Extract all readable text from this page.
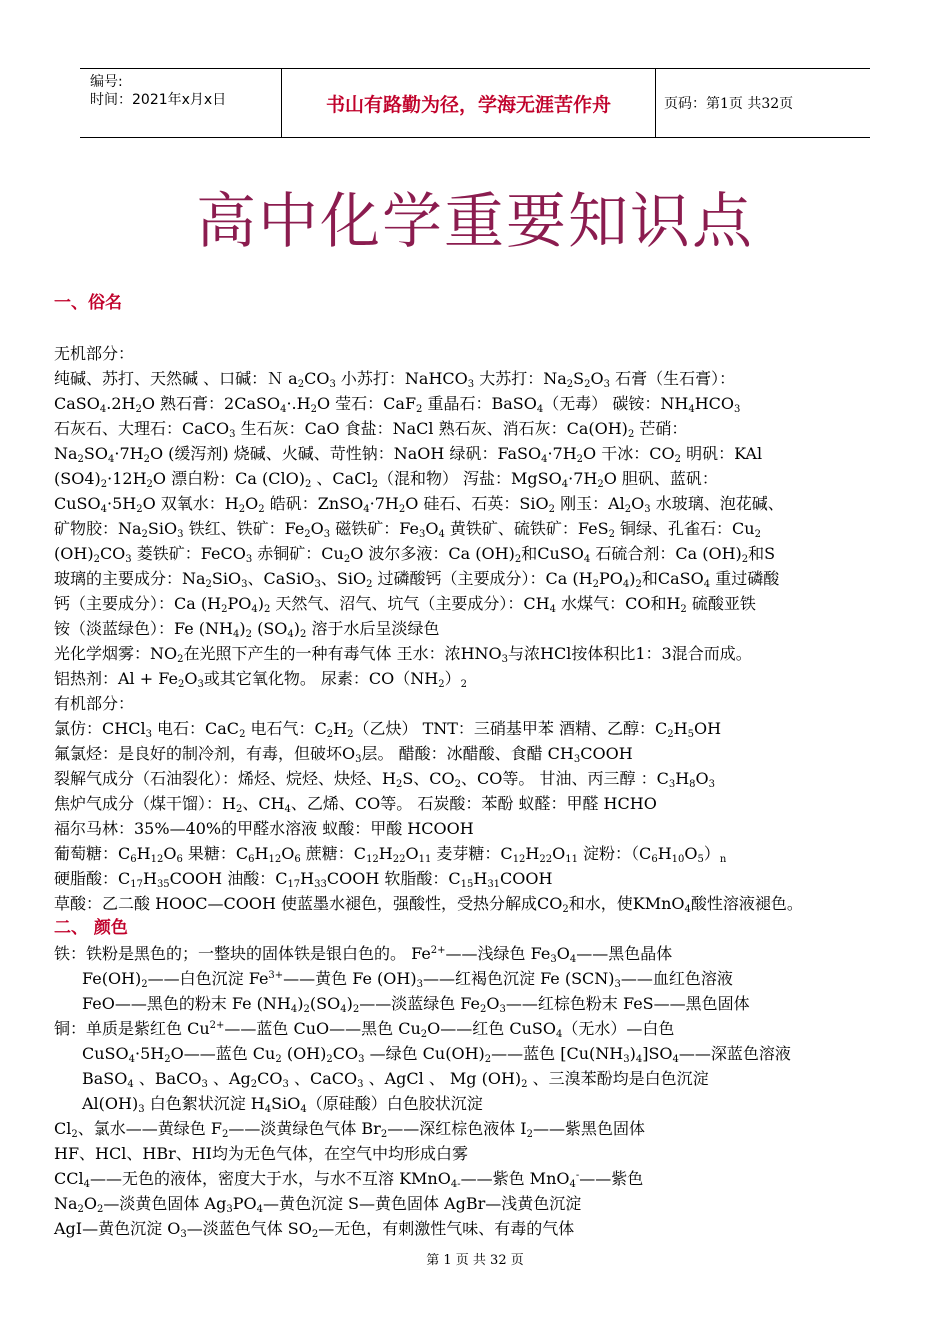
编号:
时间：2021年x月x日	书山有路勤为径，学海无涯苦作舟	页码：第1页 共32页
高中化学重要知识点
一、俗名
无机部分：
纯碱、苏打、天然碱 、口碱：Ｎ $a_2CO_3$ 小苏打：NaHCO$_3$ 大苏打：$Na_2S_2O_3$ 石膏（生石膏）：
$CaSO_4.2H_2O$ 熟石膏：$2CaSO_4\cdot.H_2O$ 莹石：CaF$_2$ 重晶石：BaSO$_4$（无毒） 碳铵：$NH_4HCO_3$
石灰石、大理石：CaCO$_3$ 生石灰：CaO 食盐：NaCl 熟石灰、消石灰：$Ca(OH)_2$ 芒硝：
$Na_2SO_4\cdot 7H_2O$ (缓泻剂) 烧碱、火碱、苛性钠：NaOH 绿矾：$FaSO_4\cdot 7H_2O$ 干冰：$CO_2$ 明矾：KAl
$(SO4)_2\cdot 12H_2O$ 漂白粉：Ca $(ClO)_2$ 、CaCl$_2$（混和物） 泻盐：$MgSO_4\cdot 7H_2O$ 胆矾、蓝矾：
$CuSO_4\cdot 5H_2O$ 双氧水：$H_2O_2$ 皓矾：$ZnSO_4\cdot 7H_2O$ 硅石、石英：SiO$_2$ 刚玉：$Al_2O_3$ 水玻璃、泡花碱、
矿物胶：$Na_2SiO_3$ 铁红、铁矿：$Fe_2O_3$ 磁铁矿：$Fe_3O_4$ 黄铁矿、硫铁矿：FeS$_2$ 铜绿、孔雀石：$Cu_2$
$(OH)_2CO_3$ 菱铁矿：FeCO$_3$ 赤铜矿：$Cu_2O$ 波尔多液：Ca $(OH)_2$和CuSO$_4$ 石硫合剂：Ca $(OH)_2$和S
玻璃的主要成分：$Na_2SiO_3$、CaSiO$_3$、SiO$_2$ 过磷酸钙（主要成分）：Ca $(H_2PO_4)_2$和CaSO$_4$ 重过磷酸
钙（主要成分）：Ca $(H_2PO_4)_2$ 天然气、沼气、坑气（主要成分）：$CH_4$ 水煤气：CO和$H_2$ 硫酸亚铁
铵（淡蓝绿色）：Fe $(NH_4)_2$ $(SO_4)_2$ 溶于水后呈淡绿色
光化学烟雾：$NO_2$在光照下产生的一种有毒气体 王水：浓$HNO_3$与浓HCl按体积比1：3混合而成。
铝热剂：$Al + Fe_2O_3$或其它氧化物。 尿素：$CO(NH_2)_2$
有机部分：
氯仿：CHCl$_3$ 电石：CaC$_2$ 电石气：$C_2H_2$（乙炔） TNT：三硝基甲苯 酒精、乙醇：$C_2H_5OH$
氟氯烃：是良好的制冷剂，有毒，但破坏$O_3$层。 醋酸：冰醋酸、食醋 $CH_3COOH$
裂解气成分（石油裂化）：烯烃、烷烃、炔烃、$H_2S$、$CO_2$、CO等。 甘油、丙三醇 ：$C_3H_8O_3$
焦炉气成分（煤干馏）：$H_2$、$CH_4$、乙烯、CO等。 石炭酸：苯酚 蚁醛：甲醛 HCHO
福尔马林：35%—40%的甲醛水溶液 蚁酸：甲酸 HCOOH
葡萄糖：$C_6H_{12}O_6$ 果糖：$C_6H_{12}O_6$ 蔗糖：$C_{12}H_{22}O_{11}$ 麦芽糖：$C_{12}H_{22}O_{11}$ 淀粉：$(C_6H_{10}O_5)_n$
硬脂酸：$C_{17}H_{35}COOH$ 油酸：$C_{17}H_{33}COOH$ 软脂酸：$C_{15}H_{31}COOH$
草酸：乙二酸 HOOC—COOH 使蓝墨水褪色，强酸性，受热分解成$CO_2$和水，使KMnO$_4$酸性溶液褪色。
二、 颜色
铁：铁粉是黑色的；一整块的固体铁是银白色的。 $Fe^{2+}——$浅绿色 $Fe_3O_4——$黑色晶体
$Fe(OH)_2——$白色沉淀 $Fe^{3+}——$黄色 Fe $(OH)_3——$红褐色沉淀 Fe $(SCN)_3——$血红色溶液
FeO——黑色的粉末 Fe $(NH_4)_2(SO_4)_2——$淡蓝绿色 $Fe_2O_3——$红棕色粉末 FeS——黑色固体
铜：单质是紫红色 $Cu^{2+}——$蓝色 CuO——黑色 $Cu_2O——$红色 CuSO$_4$（无水）—白色
$CuSO_4\cdot 5H_2O——$蓝色 $Cu_2$ $(OH)_2CO_3$ —绿色 $Cu(OH)_2——$蓝色 $[Cu(NH_3)_4]SO_4——$深蓝色溶液
BaSO$_4$ 、BaCO$_3$ 、$Ag_2CO_3$ 、CaCO$_3$ 、AgCl 、 Mg $(OH)_2$ 、三溴苯酚均是白色沉淀
$Al(OH)_3$ 白色絮状沉淀 $H_4SiO_4$（原硅酸）白色胶状沉淀
$Cl_2$、氯水——黄绿色 $F_2——$淡黄绿色气体 $Br_2——$深红棕色液体 $I_2——$紫黑色固体
HF、HCl、HBr、HI均为无色气体，在空气中均形成白雾
CCl$_4$——无色的液体，密度大于水，与水不互溶 KMnO$_{4-}$——紫色 MnO$_4$-——紫色
$Na_2O_2—$淡黄色固体 $Ag_3PO_4—$黄色沉淀 S—黄色固体 AgBr—浅黄色沉淀
AgI—黄色沉淀 $O_3—$淡蓝色气体 $SO_2—$无色，有刺激性气味、有毒的气体
第 1 页 共 32 页
